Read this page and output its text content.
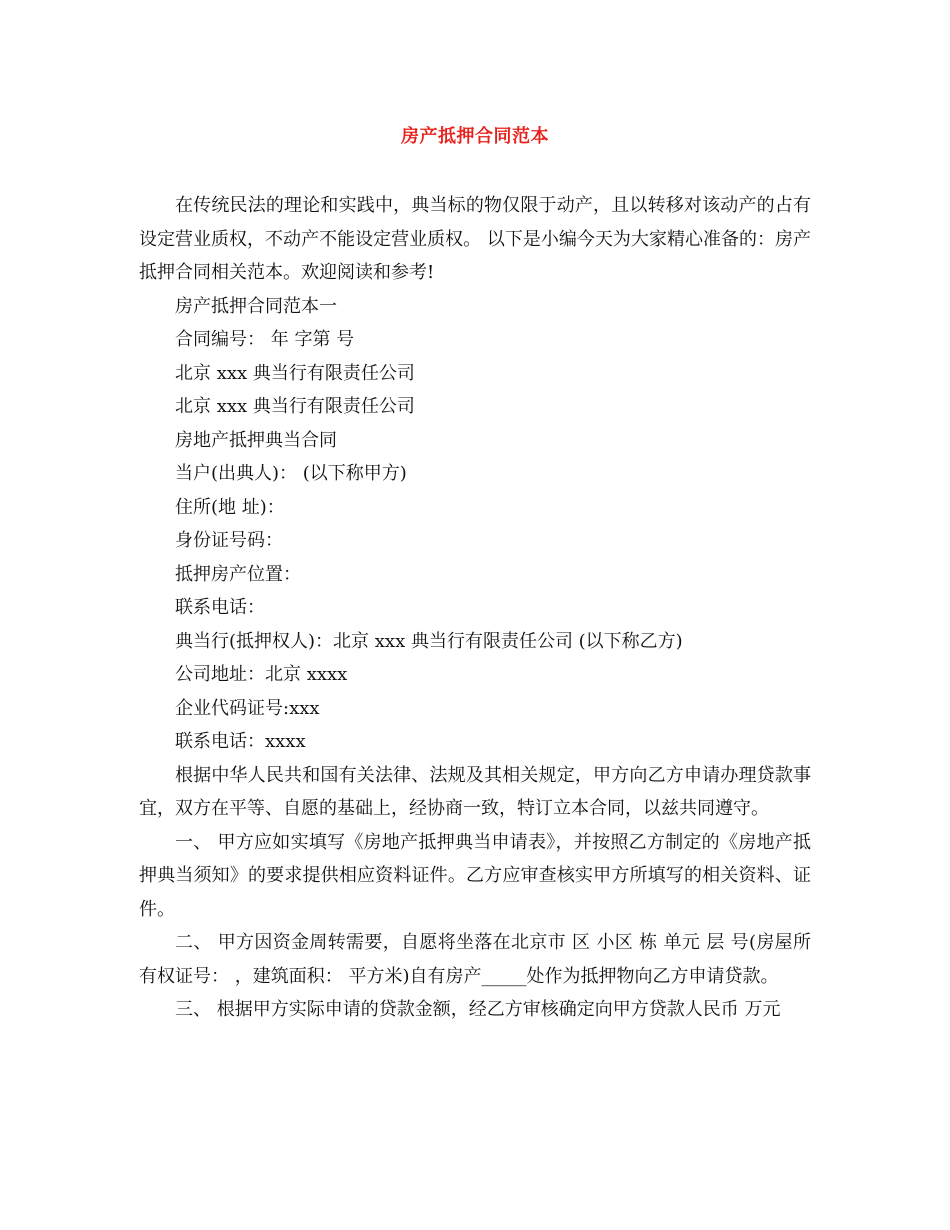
房产抵押合同范本

在传统民法的理论和实践中，典当标的物仅限于动产，且以转移对该动产的占有设定营业质权，不动产不能设定营业质权。 以下是小编今天为大家精心准备的：房产抵押合同相关范本。欢迎阅读和参考!

房产抵押合同范本一

合同编号： 年 字第 号

北京 xxx 典当行有限责任公司

北京 xxx 典当行有限责任公司

房地产抵押典当合同

当户(出典人)： (以下称甲方)

住所(地 址)：

身份证号码：

抵押房产位置：

联系电话：

典当行(抵押权人)：北京 xxx 典当行有限责任公司 (以下称乙方)

公司地址：北京 xxxx

企业代码证号:xxx

联系电话：xxxx

根据中华人民共和国有关法律、法规及其相关规定，甲方向乙方申请办理贷款事宜，双方在平等、自愿的基础上，经协商一致，特订立本合同，以兹共同遵守。

一、 甲方应如实填写《房地产抵押典当申请表》，并按照乙方制定的《房地产抵押典当须知》的要求提供相应资料证件。乙方应审查核实甲方所填写的相关资料、证件。

二、 甲方因资金周转需要，自愿将坐落在北京市 区 小区 栋 单元 层 号(房屋所有权证号： ，建筑面积： 平方米)自有房产_____处作为抵押物向乙方申请贷款。

三、 根据甲方实际申请的贷款金额，经乙方审核确定向甲方贷款人民币 万元
